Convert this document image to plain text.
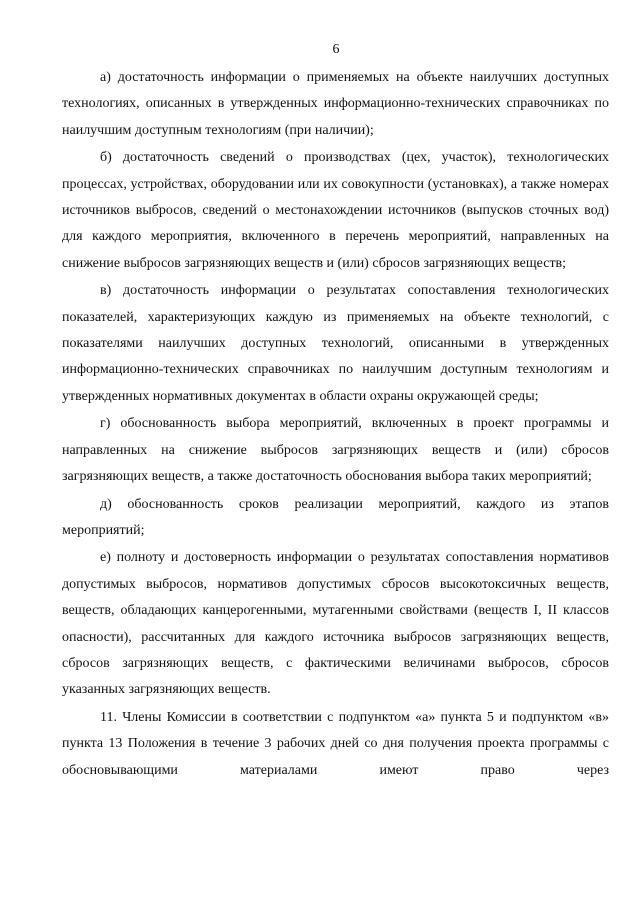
6

а) достаточность информации о применяемых на объекте наилучших доступных технологиях, описанных в утвержденных информационно-технических справочниках по наилучшим доступным технологиям (при наличии);

б) достаточность сведений о производствах (цех, участок), технологических процессах, устройствах, оборудовании или их совокупности (установках), а также номерах источников выбросов, сведений о местонахождении источников (выпусков сточных вод) для каждого мероприятия, включенного в перечень мероприятий, направленных на снижение выбросов загрязняющих веществ и (или) сбросов загрязняющих веществ;

в) достаточность информации о результатах сопоставления технологических показателей, характеризующих каждую из применяемых на объекте технологий, с показателями наилучших доступных технологий, описанными в утвержденных информационно-технических справочниках по наилучшим доступным технологиям и утвержденных нормативных документах в области охраны окружающей среды;

г) обоснованность выбора мероприятий, включенных в проект программы и направленных на снижение выбросов загрязняющих веществ и (или) сбросов загрязняющих веществ, а также достаточность обоснования выбора таких мероприятий;

д) обоснованность сроков реализации мероприятий, каждого из этапов мероприятий;

е) полноту и достоверность информации о результатах сопоставления нормативов допустимых выбросов, нормативов допустимых сбросов высокотоксичных веществ, веществ, обладающих канцерогенными, мутагенными свойствами (веществ I, II классов опасности), рассчитанных для каждого источника выбросов загрязняющих веществ, сбросов загрязняющих веществ, с фактическими величинами выбросов, сбросов указанных загрязняющих веществ.

11. Члены Комиссии в соответствии с подпунктом «а» пункта 5 и подпунктом «в» пункта 13 Положения в течение 3 рабочих дней со дня получения проекта программы с обосновывающими материалами имеют право через
